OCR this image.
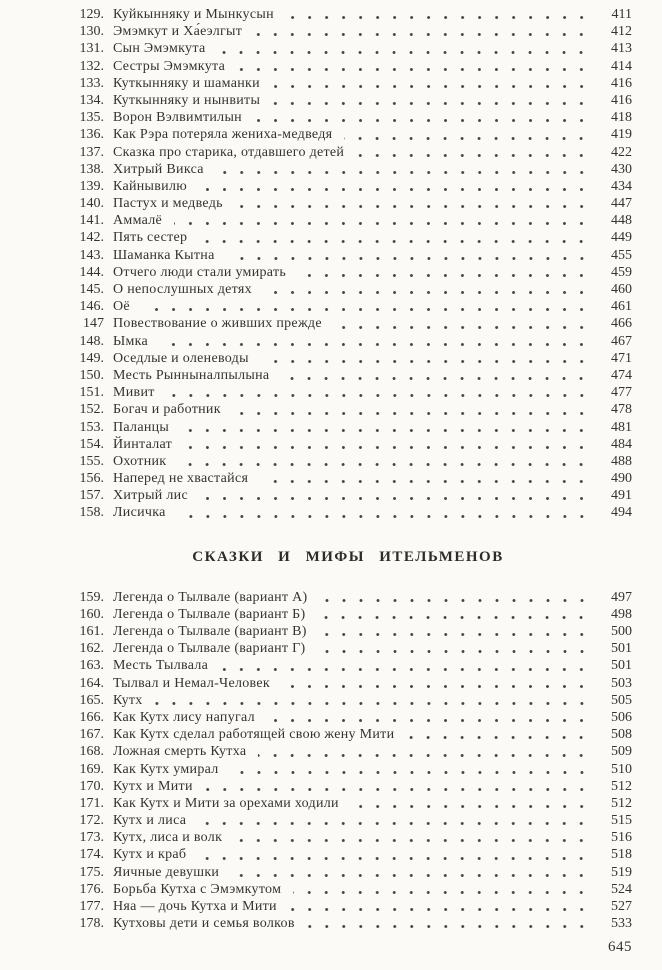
129. Куйкынняку и Мынкусын	411
130. Эмэмкут и Ха́еэлгыт	412
131. Сын Эмэмкута	413
132. Сестры Эмэмкута	414
133. Куткынняку и шаманки	416
134. Куткынняку и нынвиты	416
135. Ворон Вэлвимтилын	418
136. Как Рэра потеряла жениха-медведя	419
137. Сказка про старика, отдавшего детей	422
138. Хитрый Викса	430
139. Кайнывилю	434
140. Пастух и медведь	447
141. Аммалё	448
142. Пять сестер	449
143. Шаманка Кытна	455
144. Отчего люди стали умирать	459
145. О непослушных детях	460
146. Оё	461
147 Повествование о живших прежде	466
148. Ымка	467
149. Оседлые и оленеводы	471
150. Месть Рынныналпылына	474
151. Мивит	477
152. Богач и работник	478
153. Паланцы	481
154. Йинталат	484
155. Охотник	488
156. Наперед не хвастайся	490
157. Хитрый лис	491
158. Лисичка	494
СКАЗКИ И МИФЫ ИТЕЛЬМЕНОВ
159. Легенда о Тылвале (вариант А)	497
160. Легенда о Тылвале (вариант Б)	498
161. Легенда о Тылвале (вариант В)	500
162. Легенда о Тылвале (вариант Г)	501
163. Месть Тылвала	501
164. Тылвал и Немал-Человек	503
165. Кутх	505
166. Как Кутх лису напугал	506
167. Как Кутх сделал работящей свою жену Мити	508
168. Ложная смерть Кутха	509
169. Как Кутх умирал	510
170. Кутх и Мити	512
171. Как Кутх и Мити за орехами ходили	512
172. Кутх и лиса	515
173. Кутх, лиса и волк	516
174. Кутх и краб	518
175. Яичные девушки	519
176. Борьба Кутха с Эмэмкутом	524
177. Няа — дочь Кутха и Мити	527
178. Кутховы дети и семья волков	533
645
